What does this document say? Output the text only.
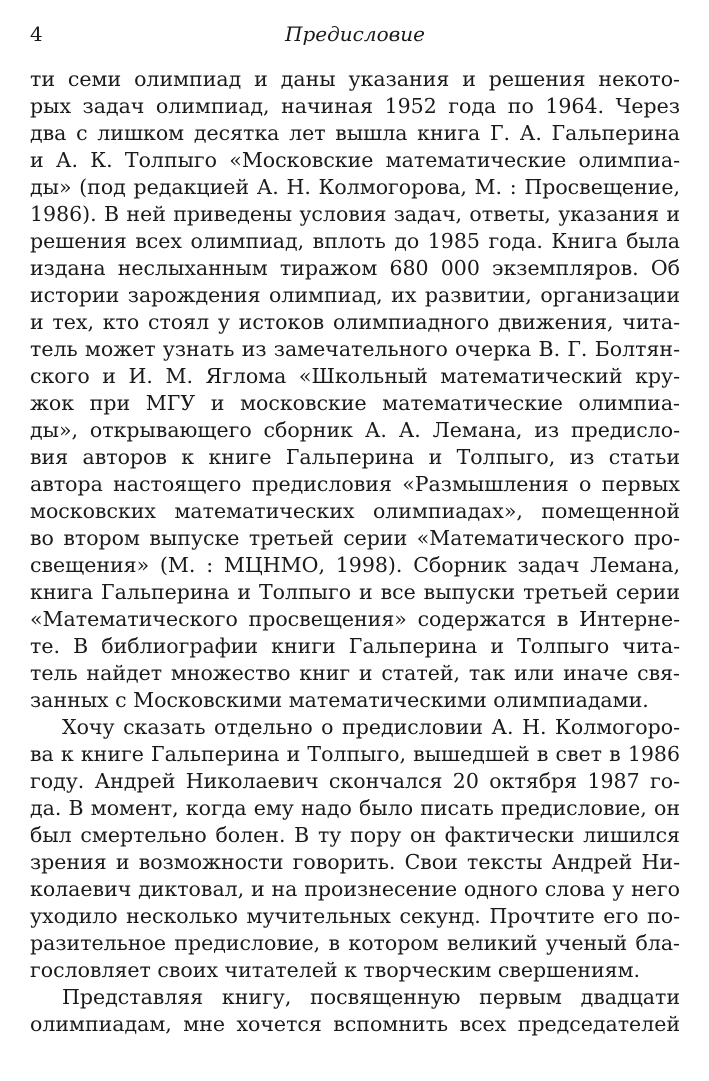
4	Предисловие
ти семи олимпиад и даны указания и решения некото-
рых задач олимпиад, начиная 1952 года по 1964. Через
два с лишком десятка лет вышла книга Г. А. Гальперина
и А. К. Толпыго «Московские математические олимпиа-
ды» (под редакцией А. Н. Колмогорова, М. : Просвещение,
1986). В ней приведены условия задач, ответы, указания и
решения всех олимпиад, вплоть до 1985 года. Книга была
издана неслыханным тиражом 680 000 экземпляров. Об
истории зарождения олимпиад, их развитии, организации
и тех, кто стоял у истоков олимпиадного движения, чита-
тель может узнать из замечательного очерка В. Г. Болтян-
ского и И. М. Яглома «Школьный математический кру-
жок при МГУ и московские математические олимпиа-
ды», открывающего сборник А. А. Лемана, из предисло-
вия авторов к книге Гальперина и Толпыго, из статьи
автора настоящего предисловия «Размышления о первых
московских математических олимпиадах», помещенной
во втором выпуске третьей серии «Математического про-
свещения» (М. : МЦНМО, 1998). Сборник задач Лемана,
книга Гальперина и Толпыго и все выпуски третьей серии
«Математического просвещения» содержатся в Интерне-
те. В библиографии книги Гальперина и Толпыго чита-
тель найдет множество книг и статей, так или иначе свя-
занных с Московскими математическими олимпиадами.
Хочу сказать отдельно о предисловии А. Н. Колмогоро-
ва к книге Гальперина и Толпыго, вышедшей в свет в 1986
году. Андрей Николаевич скончался 20 октября 1987 го-
да. В момент, когда ему надо было писать предисловие, он
был смертельно болен. В ту пору он фактически лишился
зрения и возможности говорить. Свои тексты Андрей Ни-
колаевич диктовал, и на произнесение одного слова у него
уходило несколько мучительных секунд. Прочтите его по-
разительное предисловие, в котором великий ученый бла-
гословляет своих читателей к творческим свершениям.
Представляя книгу, посвященную первым двадцати
олимпиадам, мне хочется вспомнить всех председателей
